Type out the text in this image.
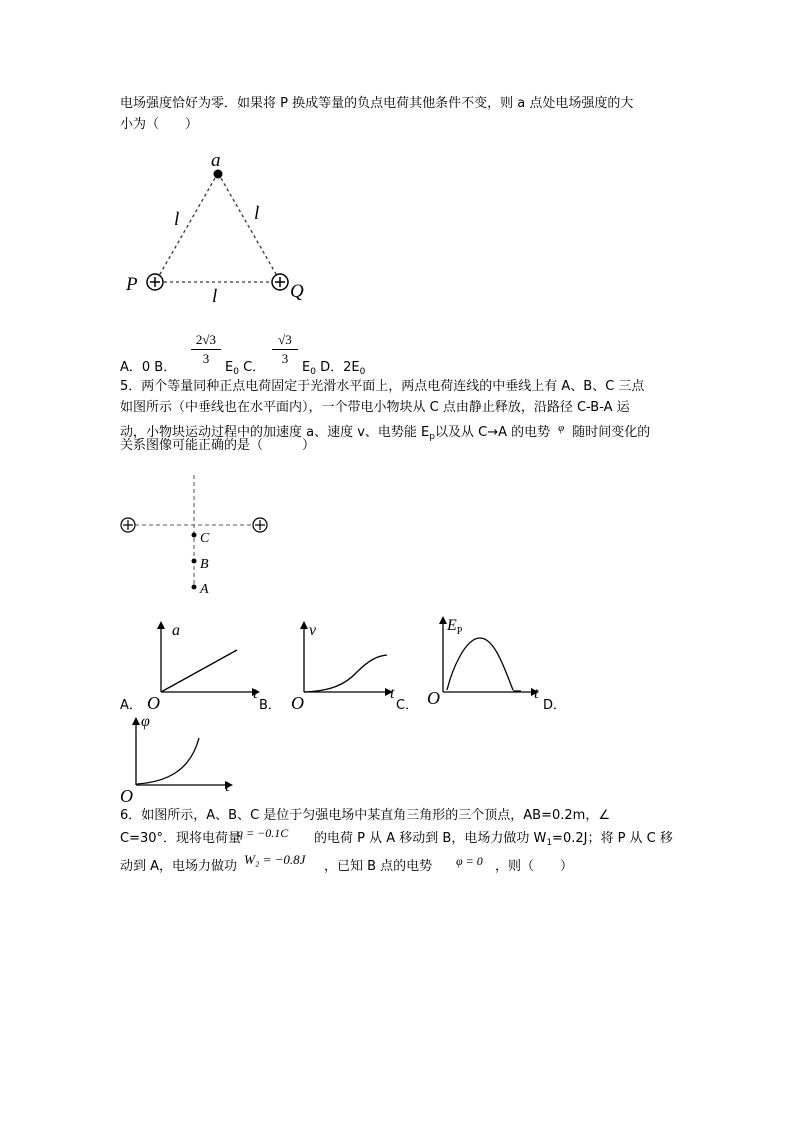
电场强度恰好为零．如果将 P 换成等量的负点电荷其他条件不变，则 a 点处电场强度的大
小为（　　）
a
l	l
l
P	Q
A．0 B．
2√3
3
$E_0$ C．
√3
3
$E_0$ D．$2E_0$
5．两个等量同种正点电荷固定于光滑水平面上，两点电荷连线的中垂线上有 A、B、C 三点
如图所示（中垂线也在水平面内），一个带电小物块从 C 点由静止释放，沿路径 C-B-A 运
动，小物块运动过程中的加速度 a、速度 v、电势能 $E_p$以及从 C→A 的电势 $^\varphi$ 随时间变化的
关系图像可能正确的是（　　　）
C
B
A
A．
a
t
O	B．
v
t
O	C．
$E_P$
t
O	D．
φ
t
O
6．如图所示，A、B、C 是位于匀强电场中某直角三角形的三个顶点，AB=0.2m，∠
C=30°．现将电荷量
q = −0.1C 的电荷 P 从 A 移动到 B，电场力做功 $W_1=0.2J$；将 P 从 C 移
动到 A，电场力做功 W₂ = −0.8J ，已知 B 点的电势 φ = 0 ，则（　　）
